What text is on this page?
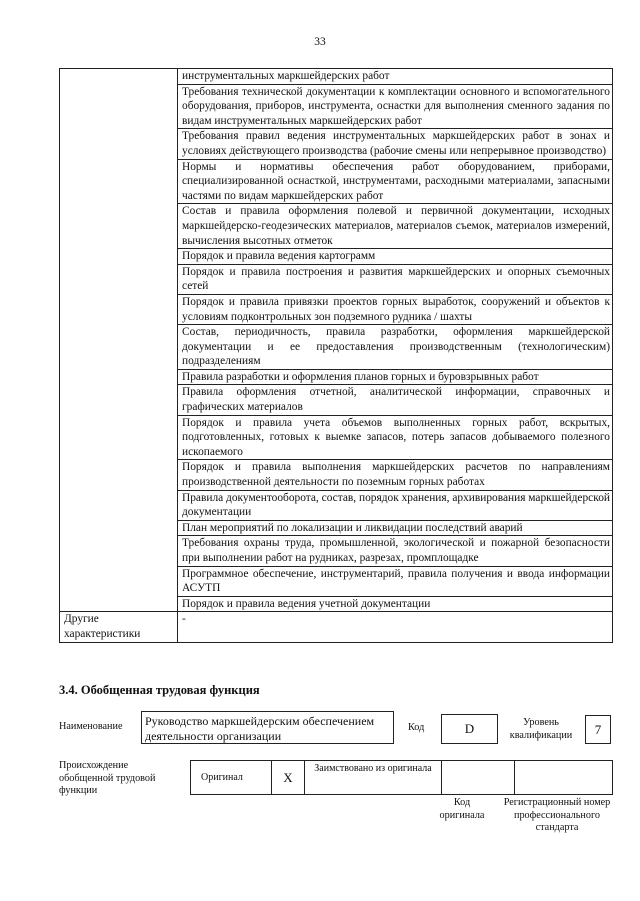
33
	инструментальных маркшейдерских работ
	Требования технической документации к комплектации основного и вспомогательного оборудования, приборов, инструмента, оснастки для выполнения сменного задания по видам инструментальных маркшейдерских работ
	Требования правил ведения инструментальных маркшейдерских работ в зонах и условиях действующего производства (рабочие смены или непрерывное производство)
	Нормы и нормативы обеспечения работ оборудованием, приборами, специализированной оснасткой, инструментами, расходными материалами, запасными частями по видам маркшейдерских работ
	Состав и правила оформления полевой и первичной документации, исходных маркшейдерско-геодезических материалов, материалов съемок, материалов измерений, вычисления высотных отметок
	Порядок и правила ведения картограмм
	Порядок и правила построения и развития маркшейдерских и опорных съемочных сетей
	Порядок и правила привязки проектов горных выработок, сооружений и объектов к условиям подконтрольных зон подземного рудника / шахты
	Состав, периодичность, правила разработки, оформления маркшейдерской документации и ее предоставления производственным (технологическим) подразделениям
	Правила разработки и оформления планов горных и буровзрывных работ
	Правила оформления отчетной, аналитической информации, справочных и графических материалов
	Порядок и правила учета объемов выполненных горных работ, вскрытых, подготовленных, готовых к выемке запасов, потерь запасов добываемого полезного ископаемого
	Порядок и правила выполнения маркшейдерских расчетов по направлениям производственной деятельности по поземным горных работах
	Правила документооборота, состав, порядок хранения, архивирования маркшейдерской документации
	План мероприятий по локализации и ликвидации последствий аварий
	Требования охраны труда, промышленной, экологической и пожарной безопасности при выполнении работ на рудниках, разрезах, промплощадке
	Программное обеспечение, инструментарий, правила получения и ввода информации АСУТП
	Порядок и правила ведения учетной документации
Другие характеристики	-
3.4. Обобщенная трудовая функция
Наименование	Руководство маркшейдерским обеспечением деятельности организации
Код	D	Уровень квалификации	7
Происхождение обобщенной трудовой функции
Оригинал	X	Заимствовано из оригинала		
Код оригинала
Регистрационный номер профессионального стандарта
